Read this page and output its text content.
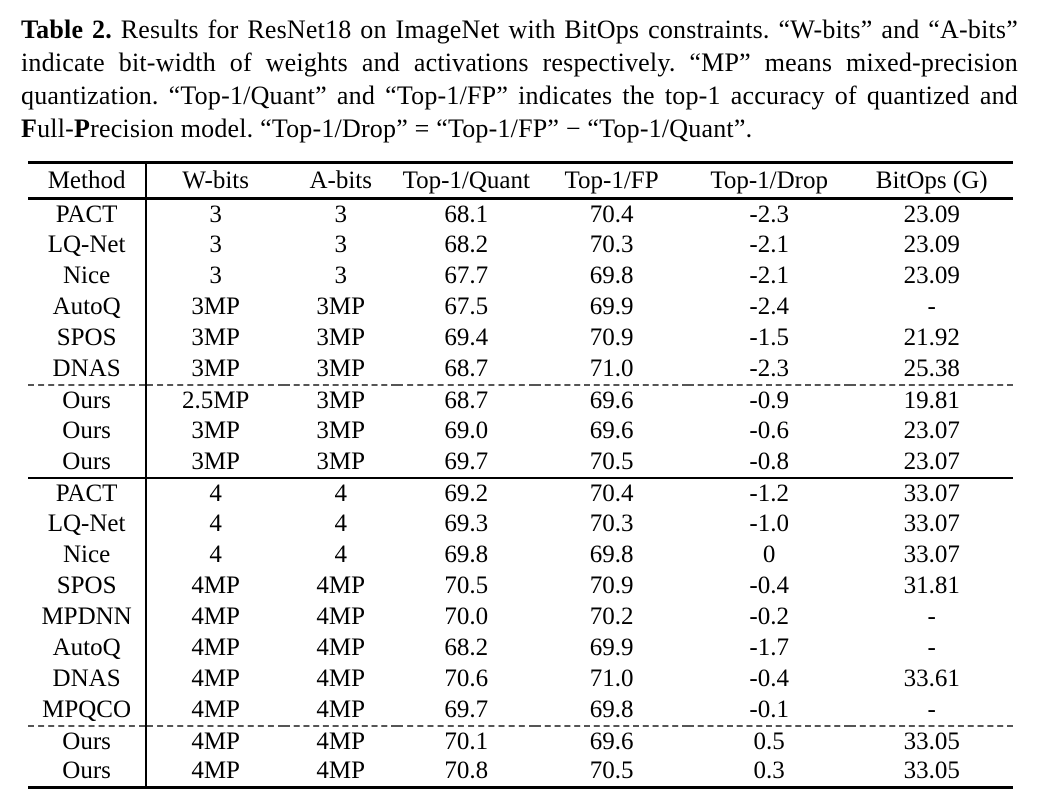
Table 2. Results for ResNet18 on ImageNet with BitOps constraints. “W-bits” and “A-bits” indicate bit-width of weights and activations respectively. “MP” means mixed-precision quantization. “Top-1/Quant” and “Top-1/FP” indicates the top-1 accuracy of quantized and Full-Precision model. “Top-1/Drop” = “Top-1/FP” − “Top-1/Quant”.

Method	W-bits	A-bits	Top-1/Quant	Top-1/FP	Top-1/Drop	BitOps (G)
PACT	3	3	68.1	70.4	-2.3	23.09
LQ-Net	3	3	68.2	70.3	-2.1	23.09
Nice	3	3	67.7	69.8	-2.1	23.09
AutoQ	3MP	3MP	67.5	69.9	-2.4	-
SPOS	3MP	3MP	69.4	70.9	-1.5	21.92
DNAS	3MP	3MP	68.7	71.0	-2.3	25.38
Ours	2.5MP	3MP	68.7	69.6	-0.9	19.81
Ours	3MP	3MP	69.0	69.6	-0.6	23.07
Ours	3MP	3MP	69.7	70.5	-0.8	23.07
PACT	4	4	69.2	70.4	-1.2	33.07
LQ-Net	4	4	69.3	70.3	-1.0	33.07
Nice	4	4	69.8	69.8	0	33.07
SPOS	4MP	4MP	70.5	70.9	-0.4	31.81
MPDNN	4MP	4MP	70.0	70.2	-0.2	-
AutoQ	4MP	4MP	68.2	69.9	-1.7	-
DNAS	4MP	4MP	70.6	71.0	-0.4	33.61
MPQCO	4MP	4MP	69.7	69.8	-0.1	-
Ours	4MP	4MP	70.1	69.6	0.5	33.05
Ours	4MP	4MP	70.8	70.5	0.3	33.05
